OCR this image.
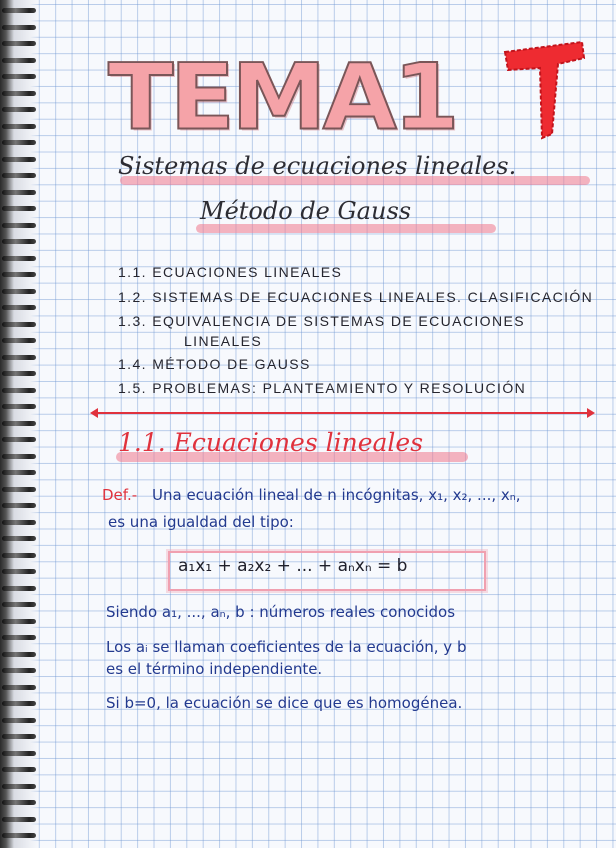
TEMA1	7
Sistemas de ecuaciones lineales.
Método de Gauss
1.1. ECUACIONES LINEALES
1.2. SISTEMAS DE ECUACIONES LINEALES. CLASIFICACIÓN
1.3. EQUIVALENCIA DE SISTEMAS DE ECUACIONES
LINEALES
1.4. MÉTODO DE GAUSS
1.5. PROBLEMAS: PLANTEAMIENTO Y RESOLUCIÓN
1.1. Ecuaciones lineales
Def.- Una ecuación lineal de n incógnitas, x₁, x₂, ..., xₙ,
es una igualdad del tipo:
a₁x₁ + a₂x₂ + ... + aₙxₙ = b
Siendo a₁, ..., aₙ, b : números reales conocidos
Los aᵢ se llaman coeficientes de la ecuación, y b
es el término independiente.
Si b=0, la ecuación se dice que es homogénea.
